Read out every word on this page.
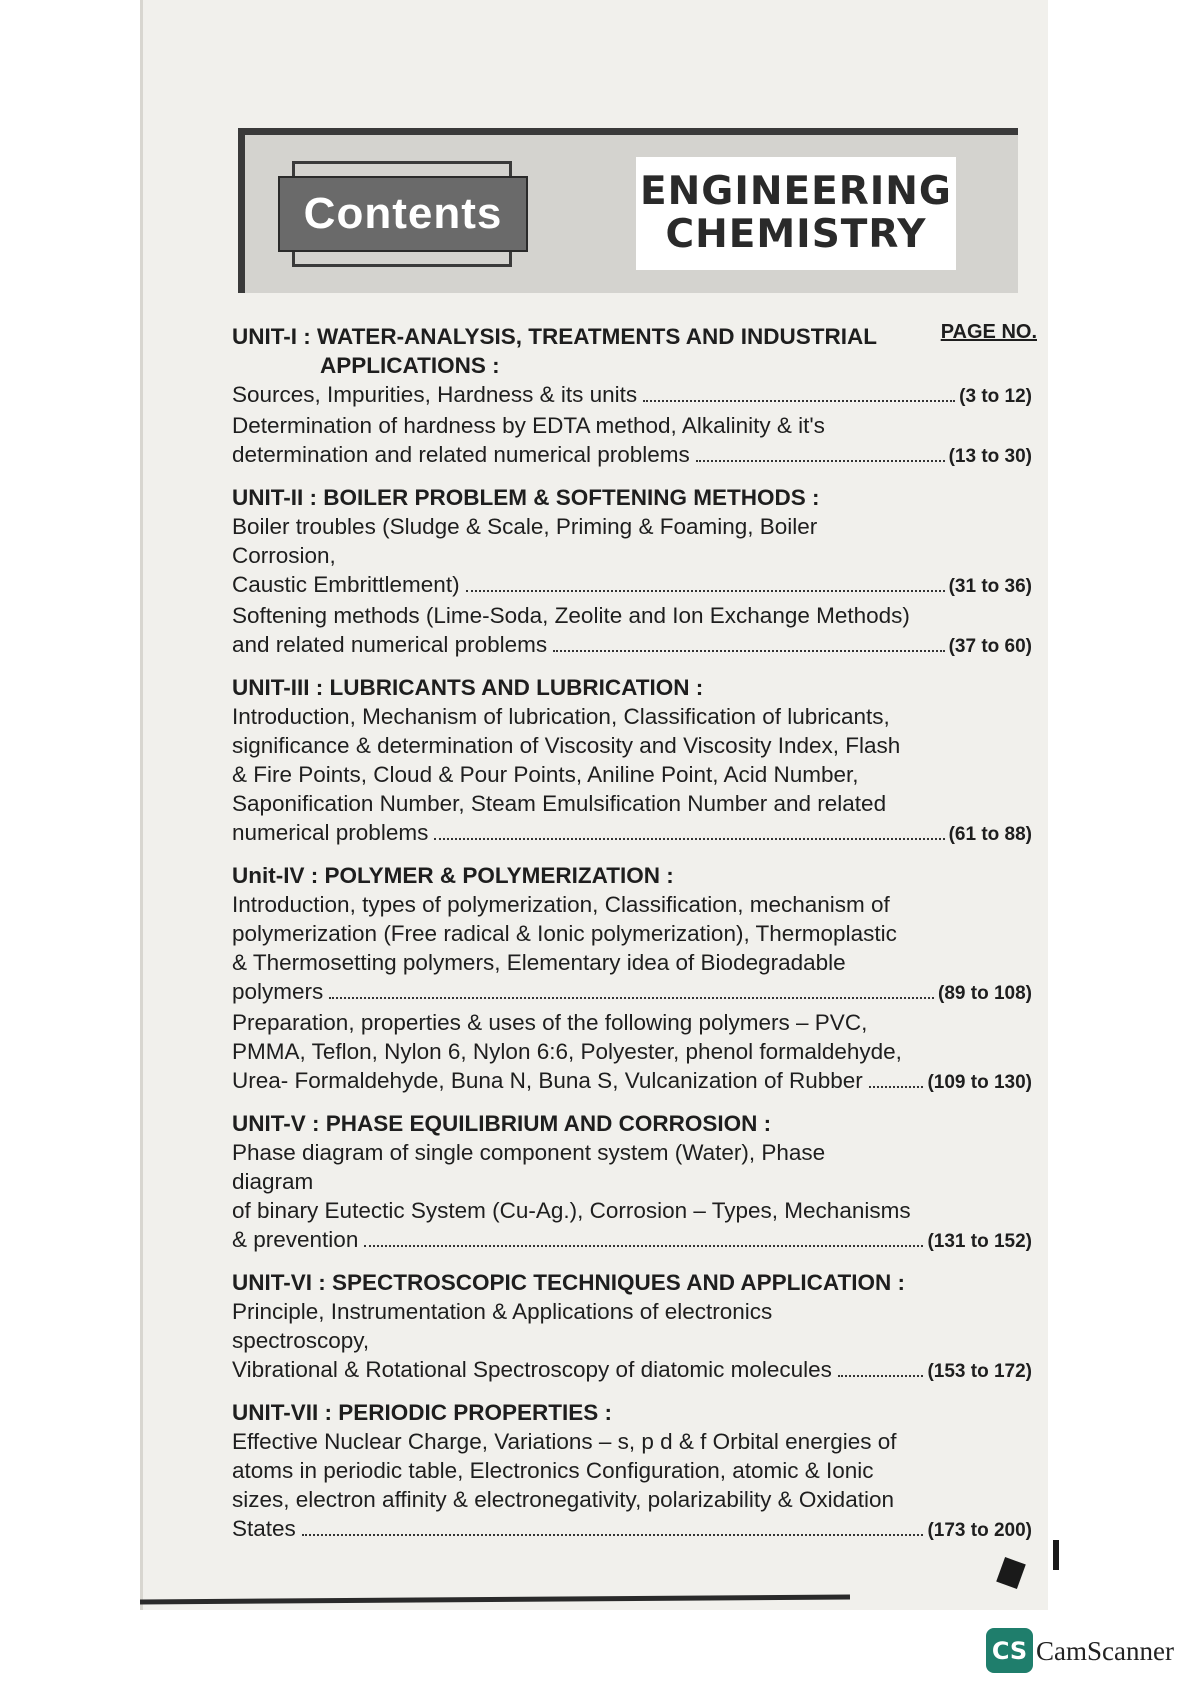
Contents	ENGINEERING
CHEMISTRY
PAGE NO.
UNIT-I : WATER-ANALYSIS, TREATMENTS AND INDUSTRIAL
APPLICATIONS :
Sources, Impurities, Hardness & its units	(3 to 12)
Determination of hardness by EDTA method, Alkalinity & it's
determination and related numerical problems	(13 to 30)
UNIT-II : BOILER PROBLEM & SOFTENING METHODS :
Boiler troubles (Sludge & Scale, Priming & Foaming, Boiler Corrosion,
Caustic Embrittlement)	(31 to 36)
Softening methods (Lime-Soda, Zeolite and Ion Exchange Methods)
and related numerical problems	(37 to 60)
UNIT-III : LUBRICANTS AND LUBRICATION :
Introduction, Mechanism of lubrication, Classification of lubricants,
significance & determination of Viscosity and Viscosity Index, Flash
& Fire Points, Cloud & Pour Points, Aniline Point, Acid Number,
Saponification Number, Steam Emulsification Number and related
numerical problems	(61 to 88)
Unit-IV : POLYMER & POLYMERIZATION :
Introduction, types of polymerization, Classification, mechanism of
polymerization (Free radical & Ionic polymerization), Thermoplastic
& Thermosetting polymers, Elementary idea of Biodegradable
polymers	(89 to 108)
Preparation, properties & uses of the following polymers – PVC,
PMMA, Teflon, Nylon 6, Nylon 6:6, Polyester, phenol formaldehyde,
Urea- Formaldehyde, Buna N, Buna S, Vulcanization of Rubber	(109 to 130)
UNIT-V : PHASE EQUILIBRIUM AND CORROSION :
Phase diagram of single component system (Water), Phase diagram
of binary Eutectic System (Cu-Ag.), Corrosion – Types, Mechanisms
& prevention	(131 to 152)
UNIT-VI : SPECTROSCOPIC TECHNIQUES AND APPLICATION :
Principle, Instrumentation & Applications of electronics spectroscopy,
Vibrational & Rotational Spectroscopy of diatomic molecules	(153 to 172)
UNIT-VII : PERIODIC PROPERTIES :
Effective Nuclear Charge, Variations – s, p d & f Orbital energies of
atoms in periodic table, Electronics Configuration, atomic & Ionic
sizes, electron affinity & electronegativity, polarizability & Oxidation
States	(173 to 200)
CS CamScanner
